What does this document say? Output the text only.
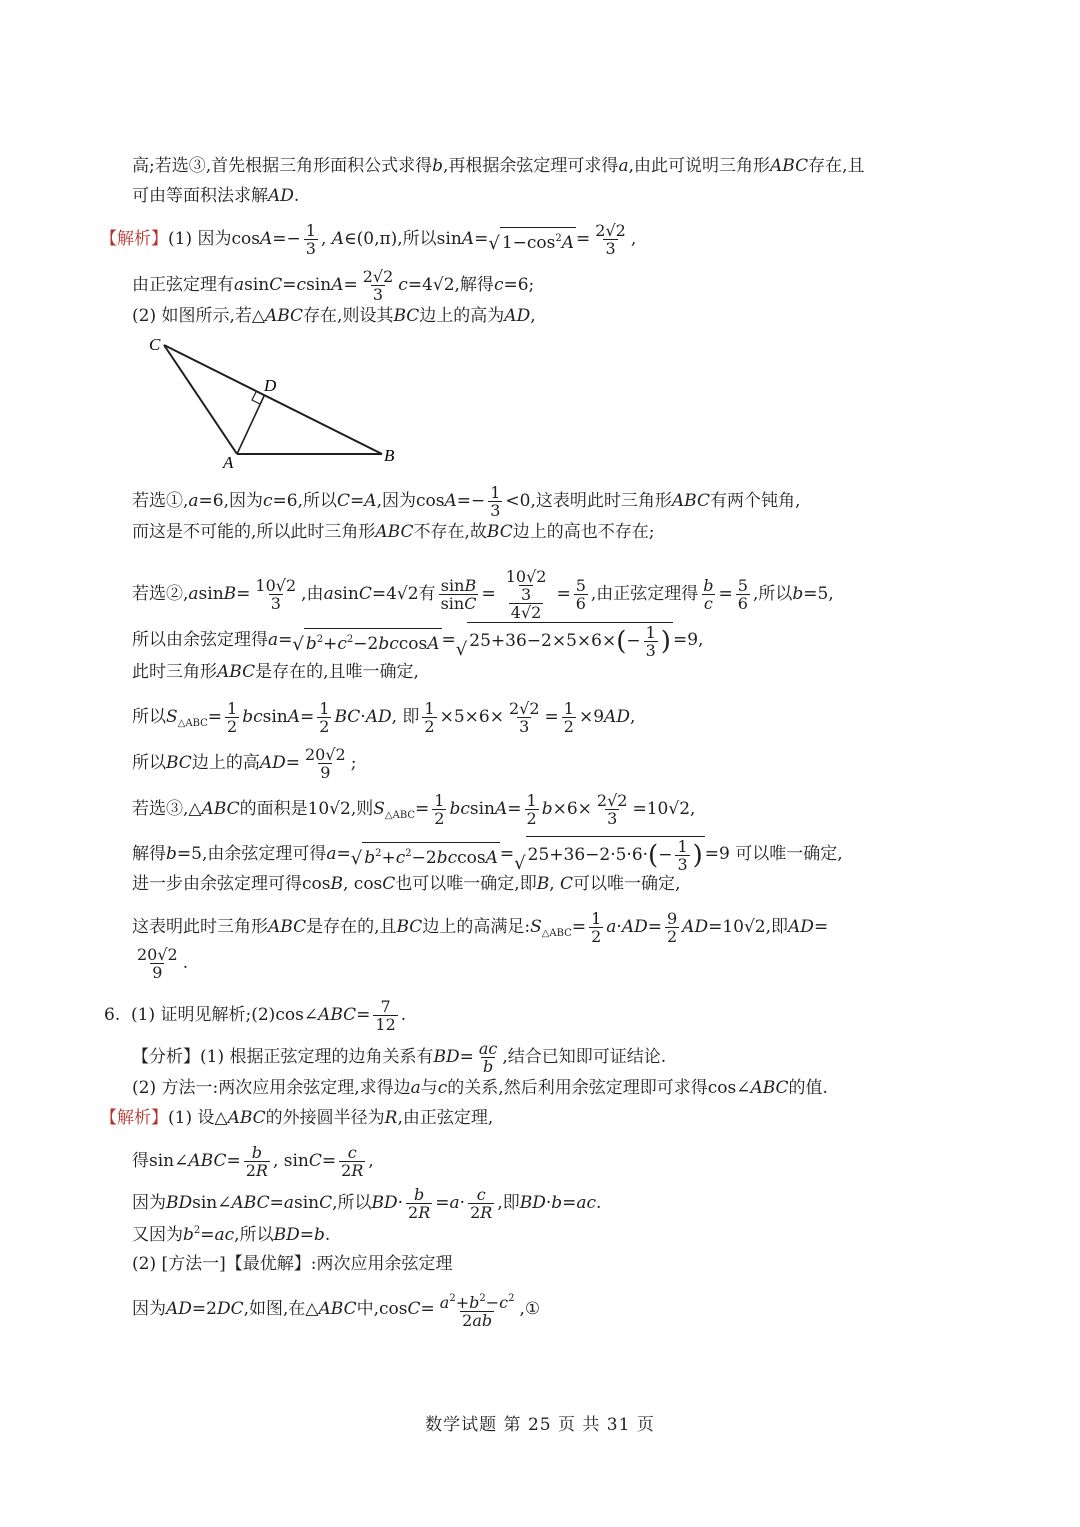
高;若选③,首先根据三角形面积公式求得b,再根据余弦定理可求得a,由此可说明三角形ABC存在,且
可由等面积法求解AD.
【解析】(1) 因为$\cos A=- \frac{1}{3}$ , A∈(0,π),所以sinA= √ $1-\cos^2A = \frac{2√2}{3}$ ,
由正弦定理有$asinC=csinA= \frac{2√2}{3} c=4√2$,解得c=6;
(2) 如图所示,若△ABC存在,则设其BC边上的高为AD,
C
D
A	B
若选①,a=6,因为c=6,所以C=A,因为$\cos A=- \frac{1}{3} <0$,这表明此时三角形ABC有两个钝角,
而这是不可能的,所以此时三角形ABC不存在,故BC边上的高也不存在;
若选②,asinB= $\frac{10√2}{3}$ ,由asinC=4√2有 $\frac{\sin B}{\sin C} = \frac{\frac{10√2}{3}}{4√2} = \frac{5}{6}$ ,由正弦定理得 $\frac{b}{c} = \frac{5}{6}$ ,所以b=5,
所以由余弦定理得a= √ $b^2+c^2-2bccosA$ = √ $25+36-2\times 5\times 6\times(- \frac{1}{3}$ ) =9,
此时三角形ABC是存在的,且唯一确定,
所以$S_{\triangle ABC}= \frac{1}{2} bcsinA= \frac{1}{2} BC\cdot AD$, 即 $\frac{1}{2} \times 5\times 6\times \frac{2√2}{3} = \frac{1}{2} \times 9AD$,
所以BC边上的高$AD= \frac{20√2}{9}$ ;
若选③,△ABC的面积是10√2,则$S_{\triangle ABC}= \frac{1}{2} bcsinA= \frac{1}{2} b\times 6\times \frac{2√2}{3} =10√2$,
解得b=5,由余弦定理可得a= √ $b^2+c^2-2bccosA$ = √ $25+36-2\cdot 5\cdot 6\cdot(- \frac{1}{3}$ ) =9 可以唯一确定,
进一步由余弦定理可得cosB, cosC也可以唯一确定,即B, C可以唯一确定,
这表明此时三角形ABC是存在的,且BC边上的高满足$:S_{\triangle ABC}= \frac{1}{2} a\cdot AD= \frac{9}{2} AD=10√2$,即AD=
$\frac{20√2}{9}$ .
6.  (1) 证明见解析;(2)cos∠ABC= $\frac{7}{12}$ .
【分析】(1) 根据正弦定理的边角关系有$BD= \frac{ac}{b}$ ,结合已知即可证结论.
(2) 方法一:两次应用余弦定理,求得边a与c的关系,然后利用余弦定理即可求得cos∠ABC的值.
【解析】(1) 设△ABC的外接圆半径为R,由正弦定理,
得sin∠ABC= $\frac{b}{2R}$ , $\sin C= \frac{c}{2R}$ ,
因为BDsin∠ABC=asinC,所以$BD\cdot \frac{b}{2R} =a\cdot \frac{c}{2R}$ ,即BD·b=ac.
又因为$b^2=ac$,所以BD=b.
(2) [方法一]【最优解】:两次应用余弦定理
因为AD=2DC,如图,在△ABC中$,\cos C= \frac{a^2+b^2-c^2}{2ab}$ ,①
数学试题 第 25 页 共 31 页
